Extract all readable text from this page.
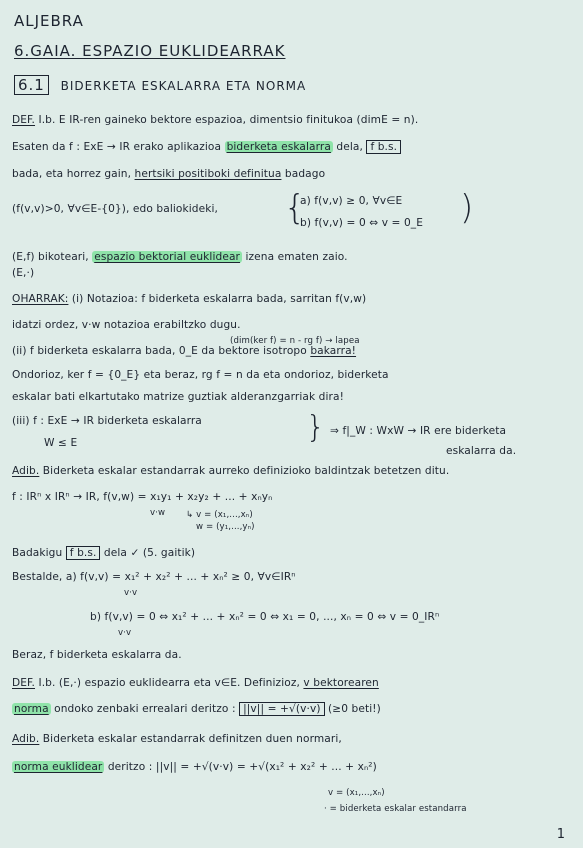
ALJEBRA
6.GAIA. ESPAZIO EUKLIDEARRAK
6.1 BIDERKETA ESKALARRA ETA NORMA
DEF. I.b. E IR-ren gaineko bektore espazioa, dimentsio finitukoa (dimE = n).
Esaten da f : ExE → IR erako aplikazioa biderketa eskalarra dela, f b.s.
bada, eta horrez gain, hertsiki positiboki definitua badago
(f(v,v)>0, ∀v∈E-{0}), edo baliokideki, {
a) f(v,v) ≥ 0, ∀v∈E
b) f(v,v) = 0 ⇔ v = 0_E )
(E,f) bikoteari, espazio bektorial euklidear izena ematen zaio.
(E,·)
OHARRAK: (i) Notazioa: f biderketa eskalarra bada, sarritan f(v,w)
idatzi ordez, v·w notazioa erabiltzko dugu.
(dim(ker f) = n - rg f) → lapea
(ii) f biderketa eskalarra bada, 0_E da bektore isotropo bakarra!
Ondorioz, ker f = {0_E} eta beraz, rg f = n da eta ondorioz, biderketa
eskalar bati elkartutako matrize guztiak alderanzgarriak dira!
(iii) f : ExE → IR biderketa eskalarra
W ≤ E	} ⇒ f|_W : WxW → IR ere biderketa
eskalarra da.
Adib. Biderketa eskalar estandarrak aurreko definizioko baldintzak betetzen ditu.
f : IRⁿ x IRⁿ → IR, f(v,w) = x₁y₁ + x₂y₂ + ... + xₙyₙ
v·w ↳ v = (x₁,...,xₙ)
w = (y₁,...,yₙ)
Badakigu f b.s. dela ✓ (5. gaitik)
Bestalde, a) f(v,v) = x₁² + x₂² + ... + xₙ² ≥ 0, ∀v∈IRⁿ
v·v
b) f(v,v) = 0 ⇔ x₁² + ... + xₙ² = 0 ⇔ x₁ = 0, ..., xₙ = 0 ⇔ v = 0_IRⁿ
v·v
Beraz, f biderketa eskalarra da.
DEF. I.b. (E,·) espazio euklidearra eta v∈E. Definizioz, v bektorearen
norma ondoko zenbaki errealari deritzo : ||v|| = +√(v·v) (≥0 beti!)
Adib. Biderketa eskalar estandarrak definitzen duen normari,
norma euklidear deritzo : ||v|| = +√(v·v) = +√(x₁² + x₂² + ... + xₙ²)
v = (x₁,...,xₙ)
· = biderketa eskalar estandarra
1
